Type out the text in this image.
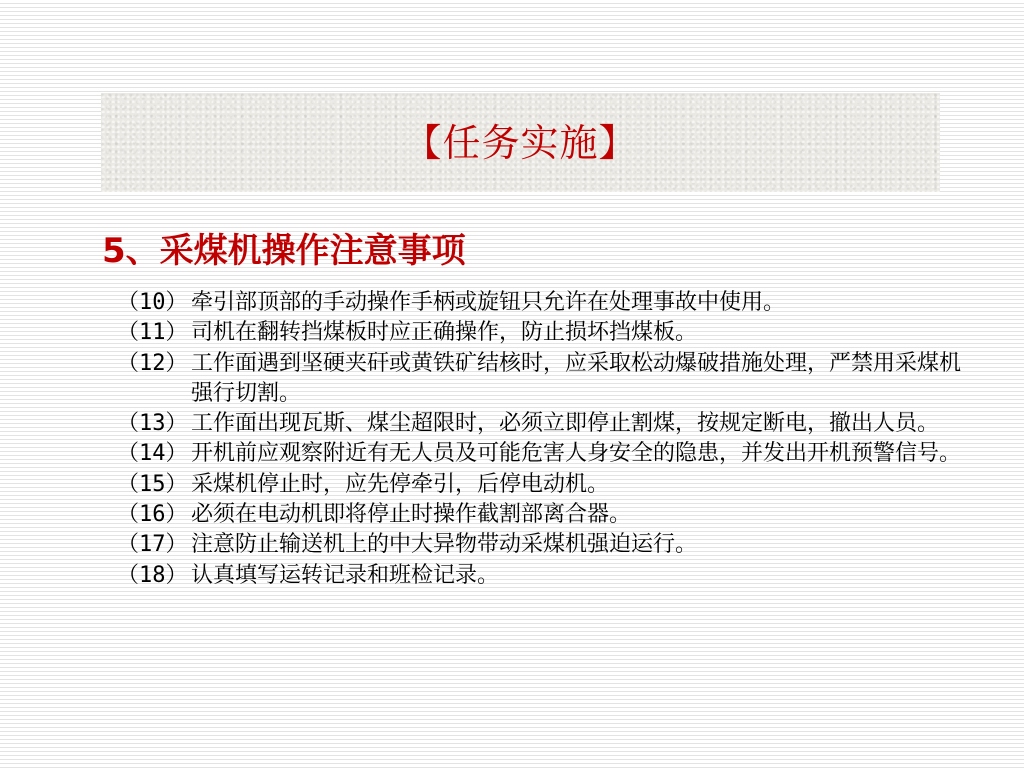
【任务实施】
5、采煤机操作注意事项
（10） 牵引部顶部的手动操作手柄或旋钮只允许在处理事故中使用。
（11） 司机在翻转挡煤板时应正确操作，防止损坏挡煤板。
（12） 工作面遇到坚硬夹矸或黄铁矿结核时，应采取松动爆破措施处理，严禁用采煤机强行切割。
（13） 工作面出现瓦斯、煤尘超限时，必须立即停止割煤，按规定断电，撤出人员。
（14） 开机前应观察附近有无人员及可能危害人身安全的隐患，并发出开机预警信号。
（15） 采煤机停止时，应先停牵引，后停电动机。
（16） 必须在电动机即将停止时操作截割部离合器。
（17） 注意防止输送机上的中大异物带动采煤机强迫运行。
（18） 认真填写运转记录和班检记录。
